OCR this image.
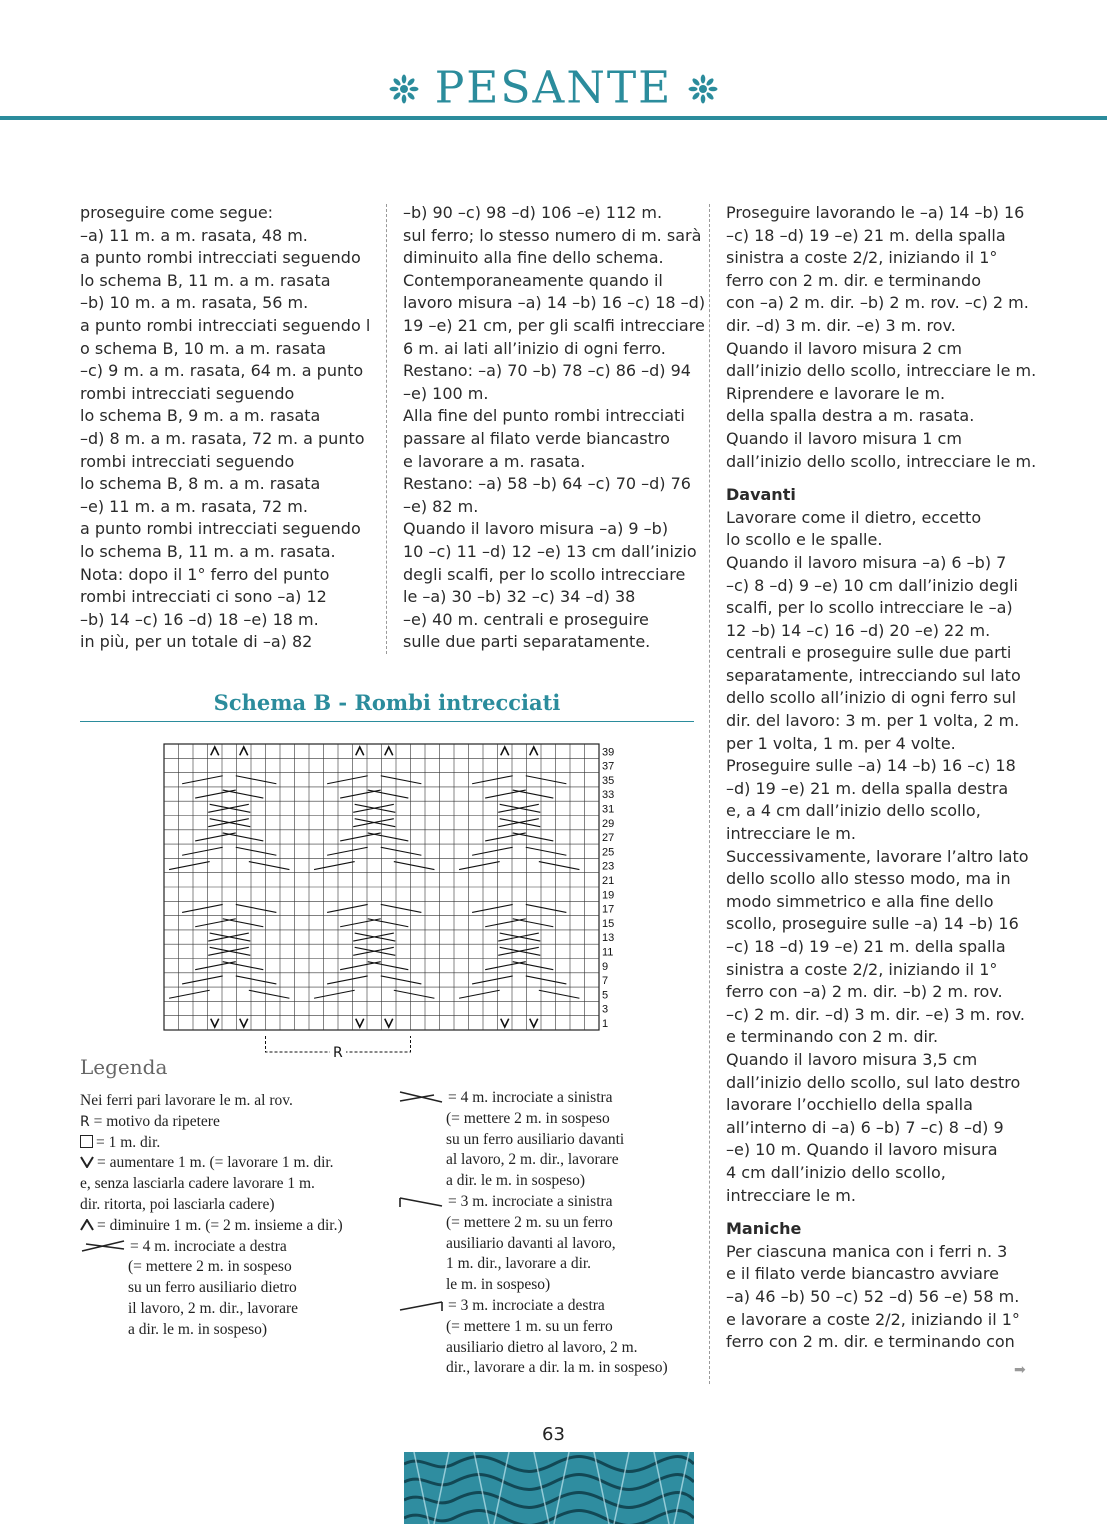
PESANTE
proseguire come segue:
–a) 11 m. a m. rasata, 48 m.
a punto rombi intrecciati seguendo
lo schema B, 11 m. a m. rasata
–b) 10 m. a m. rasata, 56 m.
a punto rombi intrecciati seguendo l
o schema B, 10 m. a m. rasata
–c) 9 m. a m. rasata, 64 m. a punto
rombi intrecciati seguendo
lo schema B, 9 m. a m. rasata
–d) 8 m. a m. rasata, 72 m. a punto
rombi intrecciati seguendo
lo schema B, 8 m. a m. rasata
–e) 11 m. a m. rasata, 72 m.
a punto rombi intrecciati seguendo
lo schema B, 11 m. a m. rasata.
Nota: dopo il 1° ferro del punto
rombi intrecciati ci sono –a) 12
–b) 14 –c) 16 –d) 18 –e) 18 m.
in più, per un totale di –a) 82
–b) 90 –c) 98 –d) 106 –e) 112 m.
sul ferro; lo stesso numero di m. sarà
diminuito alla fine dello schema.
Contemporaneamente quando il
lavoro misura –a) 14 –b) 16 –c) 18 –d)
19 –e) 21 cm, per gli scalfi intrecciare
6 m. ai lati all’inizio di ogni ferro.
Restano: –a) 70 –b) 78 –c) 86 –d) 94
–e) 100 m.
Alla fine del punto rombi intrecciati
passare al filato verde biancastro
e lavorare a m. rasata.
Restano: –a) 58 –b) 64 –c) 70 –d) 76
–e) 82 m.
Quando il lavoro misura –a) 9 –b)
10 –c) 11 –d) 12 –e) 13 cm dall’inizio
degli scalfi, per lo scollo intrecciare
le –a) 30 –b) 32 –c) 34 –d) 38
–e) 40 m. centrali e proseguire
sulle due parti separatamente.
Proseguire lavorando le –a) 14 –b) 16
–c) 18 –d) 19 –e) 21 m. della spalla
sinistra a coste 2/2, iniziando il 1°
ferro con 2 m. dir. e terminando
con –a) 2 m. dir. –b) 2 m. rov. –c) 2 m.
dir. –d) 3 m. dir. –e) 3 m. rov.
Quando il lavoro misura 2 cm
dall’inizio dello scollo, intrecciare le m.
Riprendere e lavorare le m.
della spalla destra a m. rasata.
Quando il lavoro misura 1 cm
dall’inizio dello scollo, intrecciare le m.
Davanti
Lavorare come il dietro, eccetto
lo scollo e le spalle.
Quando il lavoro misura –a) 6 –b) 7
–c) 8 –d) 9 –e) 10 cm dall’inizio degli
scalfi, per lo scollo intrecciare le –a)
12 –b) 14 –c) 16 –d) 20 –e) 22 m.
centrali e proseguire sulle due parti
separatamente, intrecciando sul lato
dello scollo all’inizio di ogni ferro sul
dir. del lavoro: 3 m. per 1 volta, 2 m.
per 1 volta, 1 m. per 4 volte.
Proseguire sulle –a) 14 –b) 16 –c) 18
–d) 19 –e) 21 m. della spalla destra
e, a 4 cm dall’inizio dello scollo,
intrecciare le m.
Successivamente, lavorare l’altro lato
dello scollo allo stesso modo, ma in
modo simmetrico e alla fine dello
scollo, proseguire sulle –a) 14 –b) 16
–c) 18 –d) 19 –e) 21 m. della spalla
sinistra a coste 2/2, iniziando il 1°
ferro con –a) 2 m. dir. –b) 2 m. rov.
–c) 2 m. dir. –d) 3 m. dir. –e) 3 m. rov.
e terminando con 2 m. dir.
Quando il lavoro misura 3,5 cm
dall’inizio dello scollo, sul lato destro
lavorare l’occhiello della spalla
all’interno di –a) 6 –b) 7 –c) 8 –d) 9
–e) 10 m. Quando il lavoro misura
4 cm dall’inizio dello scollo,
intrecciare le m.
Maniche
Per ciascuna manica con i ferri n. 3
e il filato verde biancastro avviare
–a) 46 –b) 50 –c) 52 –d) 56 –e) 58 m.
e lavorare a coste 2/2, iniziando il 1°
ferro con 2 m. dir. e terminando con
➡
Schema B - Rombi intrecciati
39
37
35
33
31
29
27
25
23
21
19
17
15
13
11
9
7
5
3
1
R
Legenda
Nei ferri pari lavorare le m. al rov.
R = motivo da ripetere
= 1 m. dir.
= aumentare 1 m. (= lavorare 1 m. dir.
e, senza lasciarla cadere lavorare 1 m.
dir. ritorta, poi lasciarla cadere)
= diminuire 1 m. (= 2 m. insieme a dir.)
= 4 m. incrociate a destra
(= mettere 2 m. in sospeso
su un ferro ausiliario dietro
il lavoro, 2 m. dir., lavorare
a dir. le m. in sospeso)
= 4 m. incrociate a sinistra
(= mettere 2 m. in sospeso
su un ferro ausiliario davanti
al lavoro, 2 m. dir., lavorare
a dir. le m. in sospeso)
= 3 m. incrociate a sinistra
(= mettere 2 m. su un ferro
ausiliario davanti al lavoro,
1 m. dir., lavorare a dir.
le m. in sospeso)
= 3 m. incrociate a destra
(= mettere 1 m. su un ferro
ausiliario dietro al lavoro, 2 m.
dir., lavorare a dir. la m. in sospeso)
63
